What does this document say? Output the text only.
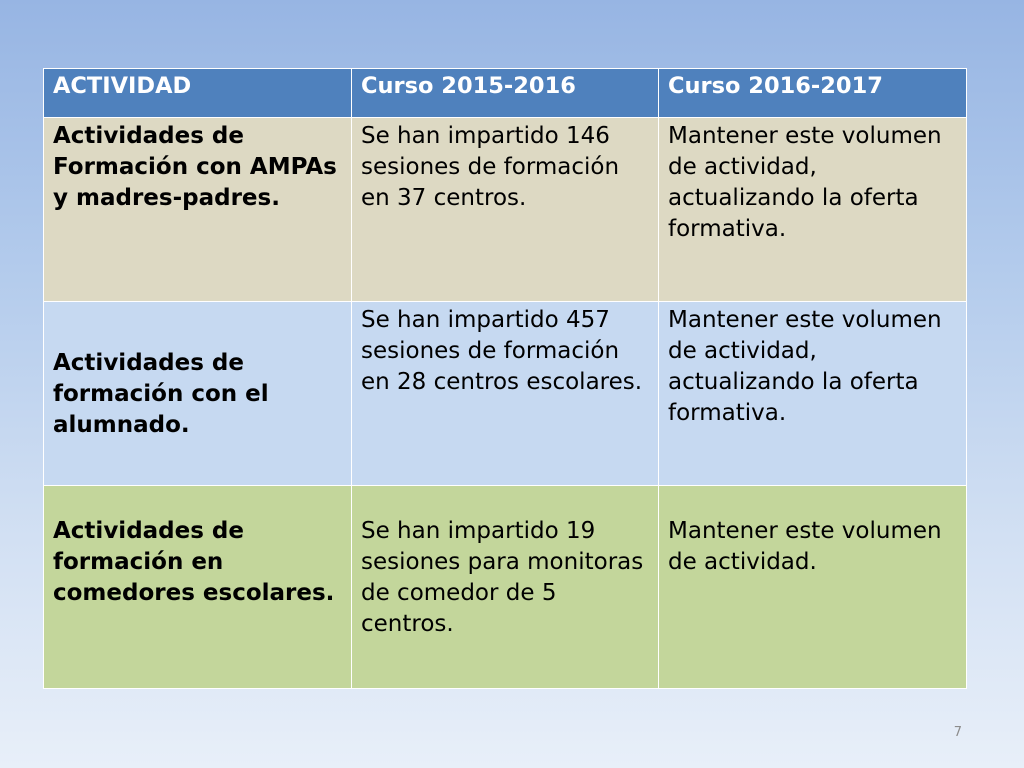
ACTIVIDAD	Curso 2015-2016	Curso 2016-2017
Actividades de Formación con AMPAs y madres-padres.	Se han impartido 146 sesiones de formación en 37 centros.	Mantener este volumen de actividad, actualizando la oferta formativa.

Actividades de formación con el alumnado.	Se han impartido 457 sesiones de formación en 28 centros escolares.	Mantener este volumen de actividad, actualizando la oferta formativa.
Actividades de formación en comedores escolares.	Se han impartido 19 sesiones para monitoras de comedor de 5 centros.	Mantener este volumen de actividad.
7
